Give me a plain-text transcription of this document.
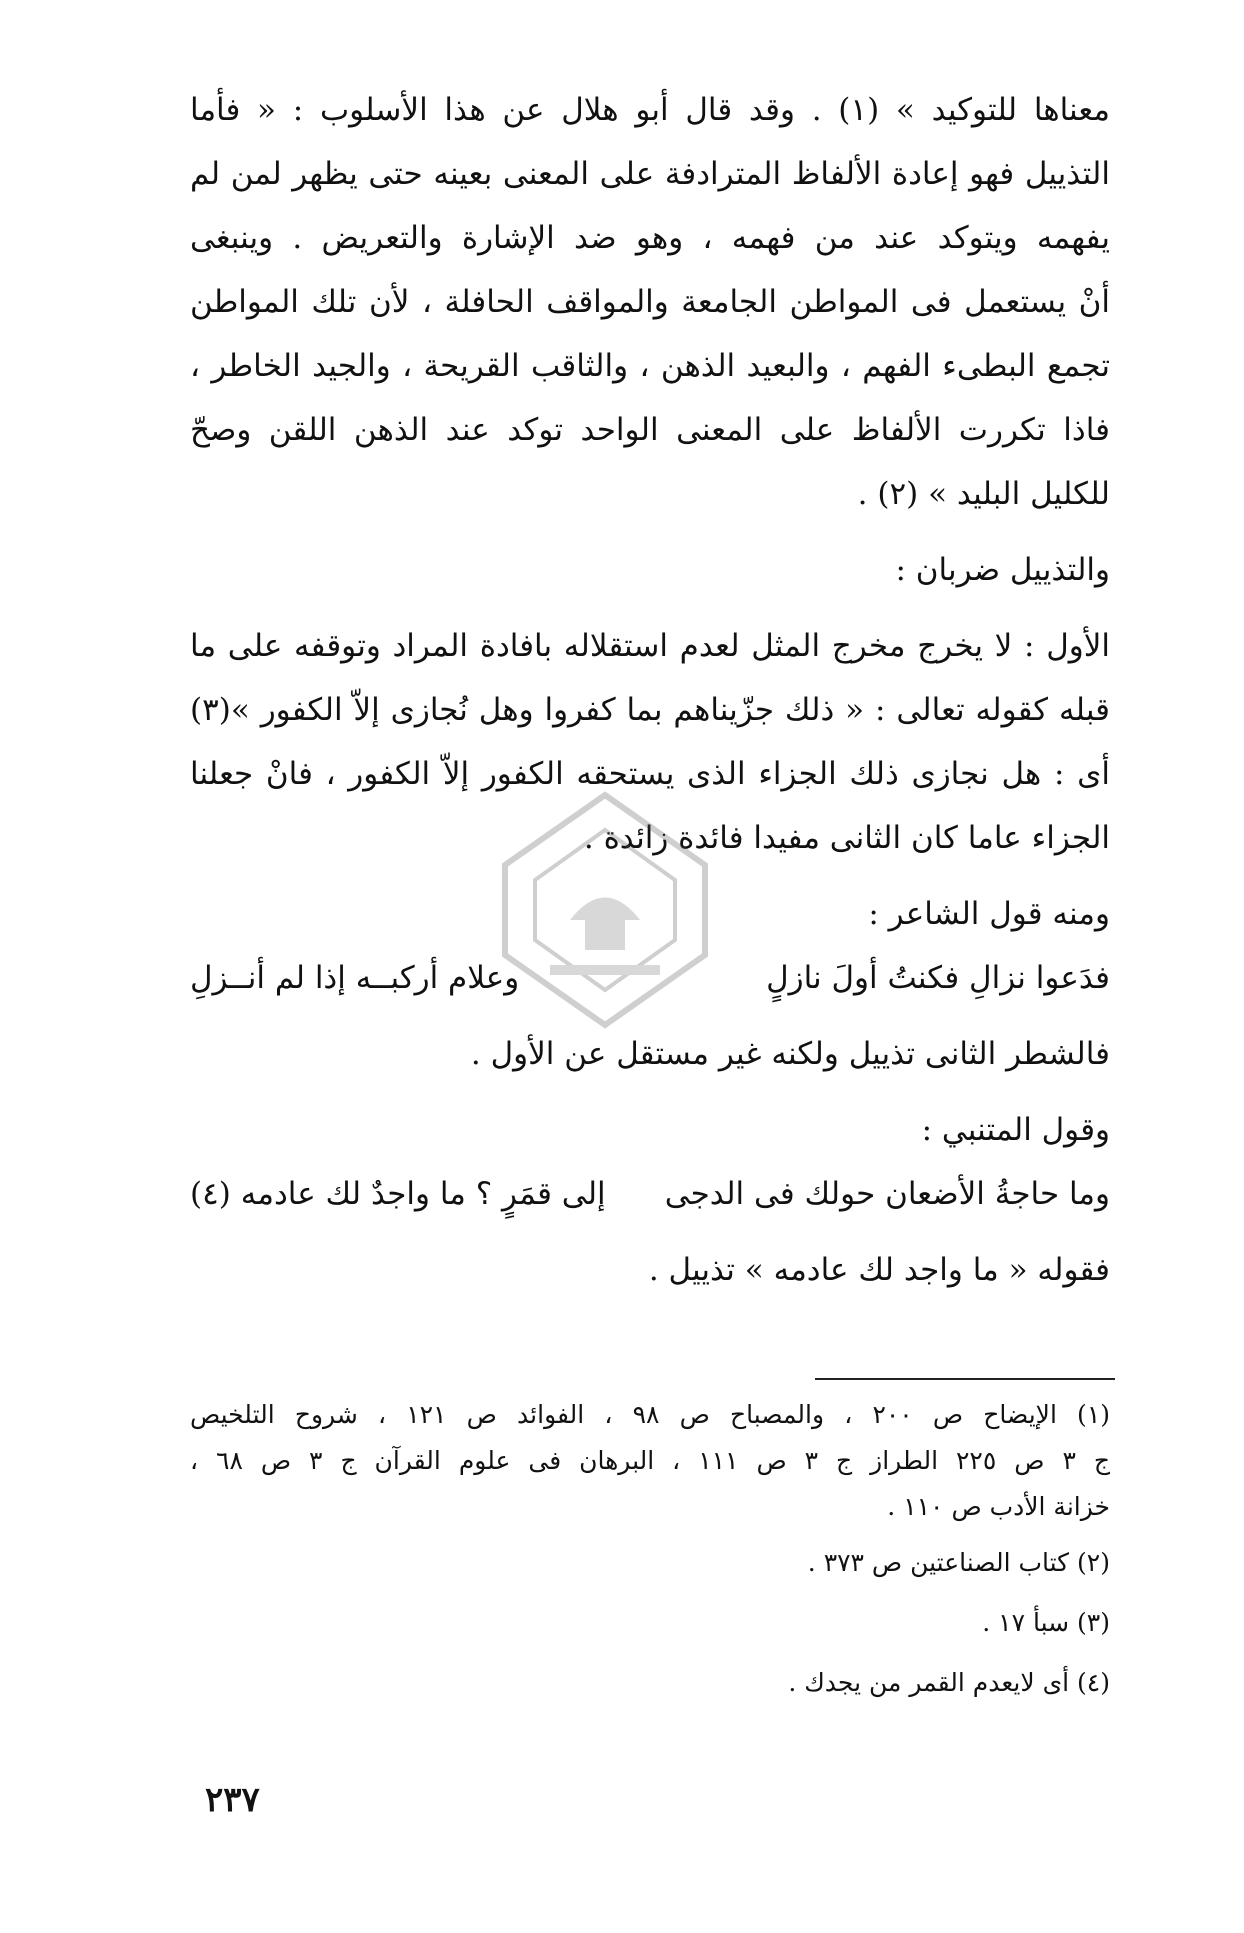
معناها للتوكيد » (١) . وقد قال أبو هلال عن هذا الأسلوب : « فأما
التذييل فهو إعادة الألفاظ المترادفة على المعنى بعينه حتى يظهر لمن لم
يفهمه ويتوكد عند من فهمه ، وهو ضد الإشارة والتعريض . وينبغى
أنْ يستعمل فى المواطن الجامعة والمواقف الحافلة ، لأن تلك المواطن
تجمع البطىء الفهم ، والبعيد الذهن ، والثاقب القريحة ، والجيد الخاطر ،
فاذا تكررت الألفاظ على المعنى الواحد توكد عند الذهن اللقن وصحّ
للكليل البليد » (٢) .
والتذييل ضربان :
الأول : لا يخرج مخرج المثل لعدم استقلاله بافادة المراد وتوقفه على ما
قبله كقوله تعالى : « ذلك جزّيناهم بما كفروا وهل نُجازى إلاّ الكفور »(٣)
أى : هل نجازى ذلك الجزاء الذى يستحقه الكفور إلاّ الكفور ، فانْ جعلنا
الجزاء عاما كان الثانى مفيدا فائدة زائدة .
ومنه قول الشاعر :
فدَعوا نزالِ فكنتُ أولَ نازلٍ
وعلام أركبــه إذا لم أنــزلِ
فالشطر الثانى تذييل ولكنه غير مستقل عن الأول .
وقول المتنبي :
وما حاجةُ الأضعان حولك فى الدجى
إلى قمَرٍ ؟ ما واجدٌ لك عادمه (٤)
فقوله « ما واجد لك عادمه » تذييل .
(١) الإيضاح ص ٢٠٠ ، والمصباح ص ٩٨ ، الفوائد ص ١٢١ ، شروح التلخيص
ج ٣ ص ٢٢٥ الطراز ج ٣ ص ١١١ ، البرهان فى علوم القرآن ج ٣ ص ٦٨ ،
خزانة الأدب ص ١١٠ .
(٢) كتاب الصناعتين ص ٣٧٣ .
(٣) سبأ ١٧ .
(٤) أى لايعدم القمر من يجدك .
٢٣٧
